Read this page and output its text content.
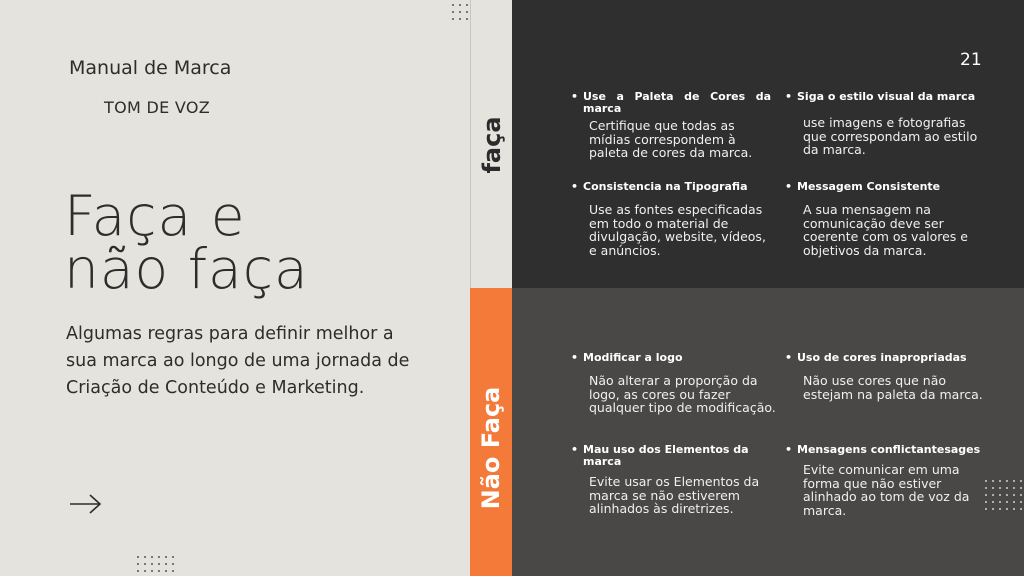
Manual de Marca
TOM DE VOZ
Faça e
não faça
Algumas regras para definir melhor a sua marca ao longo de uma jornada de Criação de Conteúdo e Marketing.
faça
Não Faça
21
• Use a Paleta de Cores da marca
Certifique que todas as mídias correspondem à paleta de cores da marca.
• Siga o estilo visual da marca
use imagens e fotografias que correspondam ao estilo da marca.
• Consistencia na Tipografia
Use as fontes especificadas em todo o material de divulgação, website, vídeos, e anúncios.
• Messagem Consistente
A sua mensagem na comunicação deve ser coerente com os valores e objetivos da marca.
• Modificar a logo
Não alterar a proporção da logo, as cores ou fazer qualquer tipo de modificação.
• Uso de cores inapropriadas
Não use cores que não estejam na paleta da marca.
• Mau uso dos Elementos da marca
Evite usar os Elementos da marca se não estiverem alinhados às diretrizes.
• Mensagens conflictantesages
Evite comunicar em uma forma que não estiver alinhado ao tom de voz da marca.
